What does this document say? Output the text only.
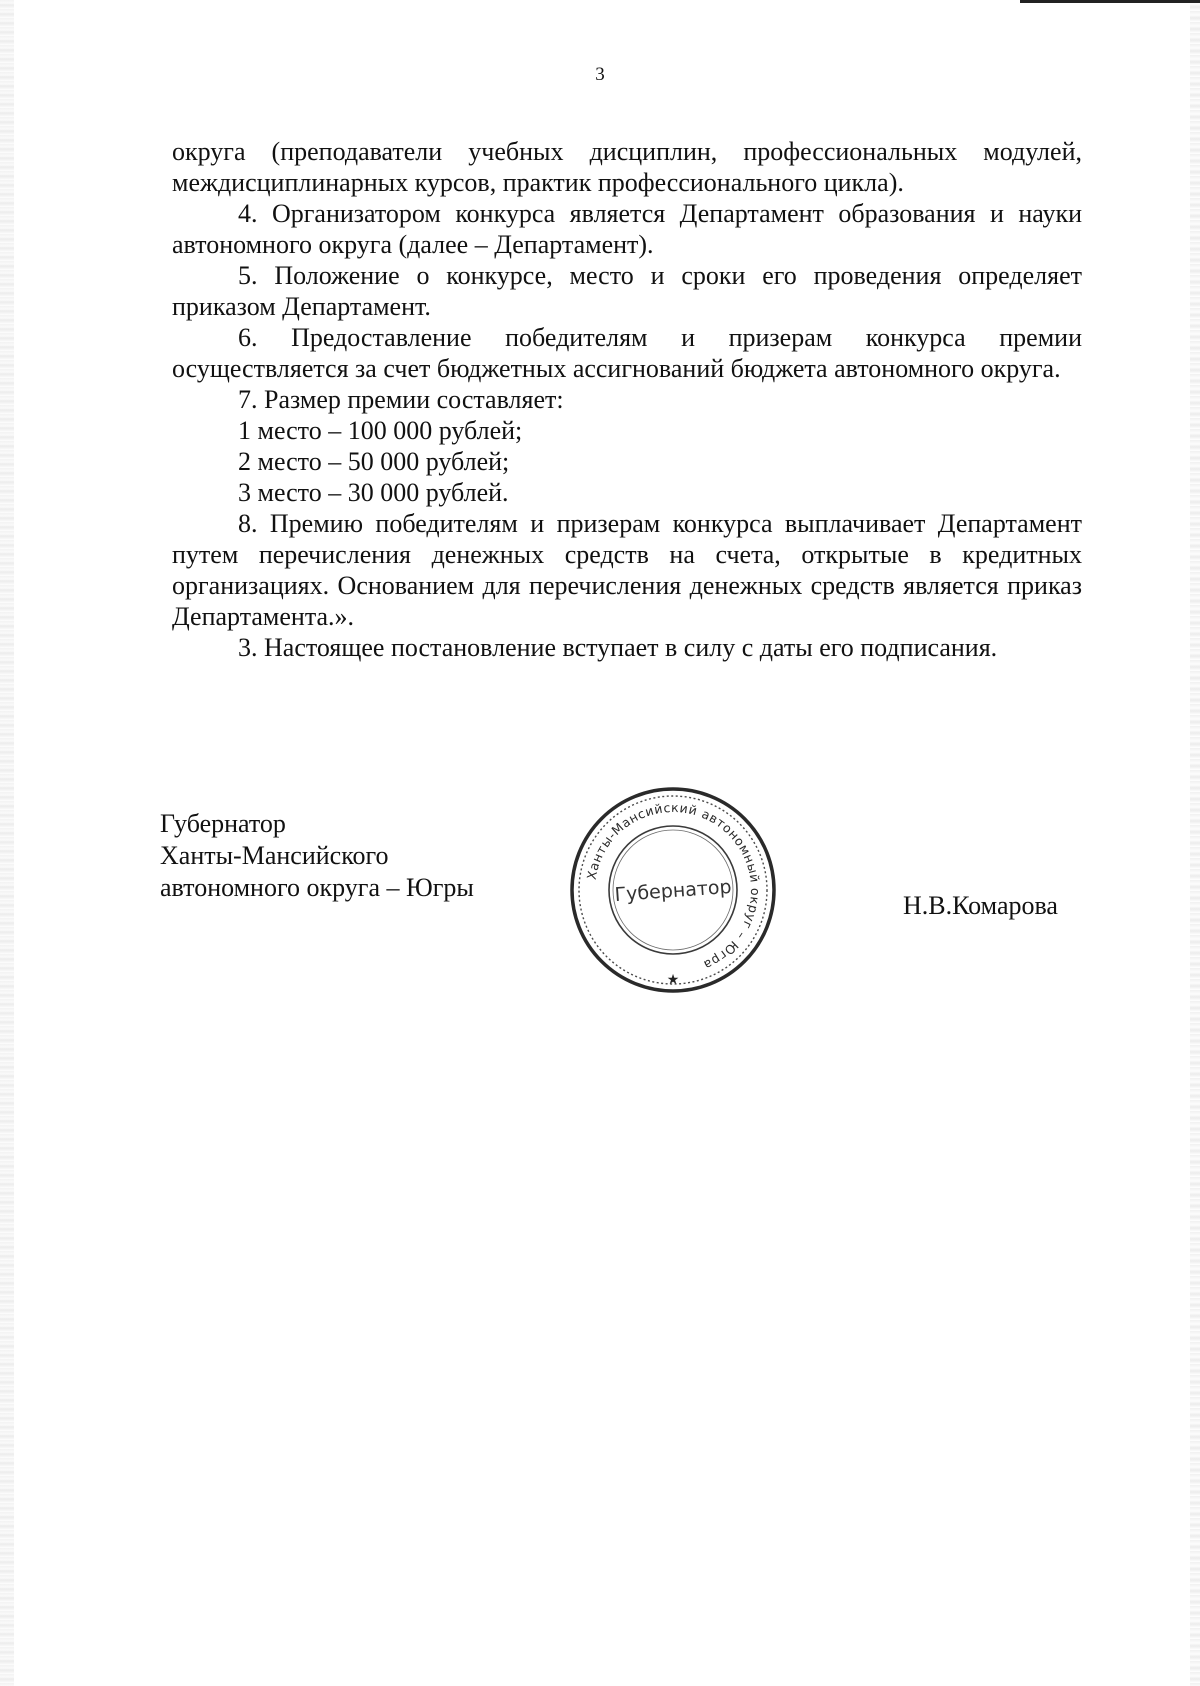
3

округа (преподаватели учебных дисциплин, профессиональных модулей, междисциплинарных курсов, практик профессионального цикла).

4. Организатором конкурса является Департамент образования и науки автономного округа (далее – Департамент).

5. Положение о конкурсе, место и сроки его проведения определяет приказом Департамент.

6. Предоставление победителям и призерам конкурса премии осуществляется за счет бюджетных ассигнований бюджета автономного округа.

7. Размер премии составляет:

1 место – 100 000 рублей;

2 место – 50 000 рублей;

3 место – 30 000 рублей.

8. Премию победителям и призерам конкурса выплачивает Департамент путем перечисления денежных средств на счета, открытые в кредитных организациях. Основанием для перечисления денежных средств является приказ Департамента.».

3. Настоящее постановление вступает в силу с даты его подписания.

Губернатор
Ханты-Мансийского
автономного округа – Югры	Ханты-Мансийский автономный округ – Югра
Губернатор
★
Н.В.Комарова
